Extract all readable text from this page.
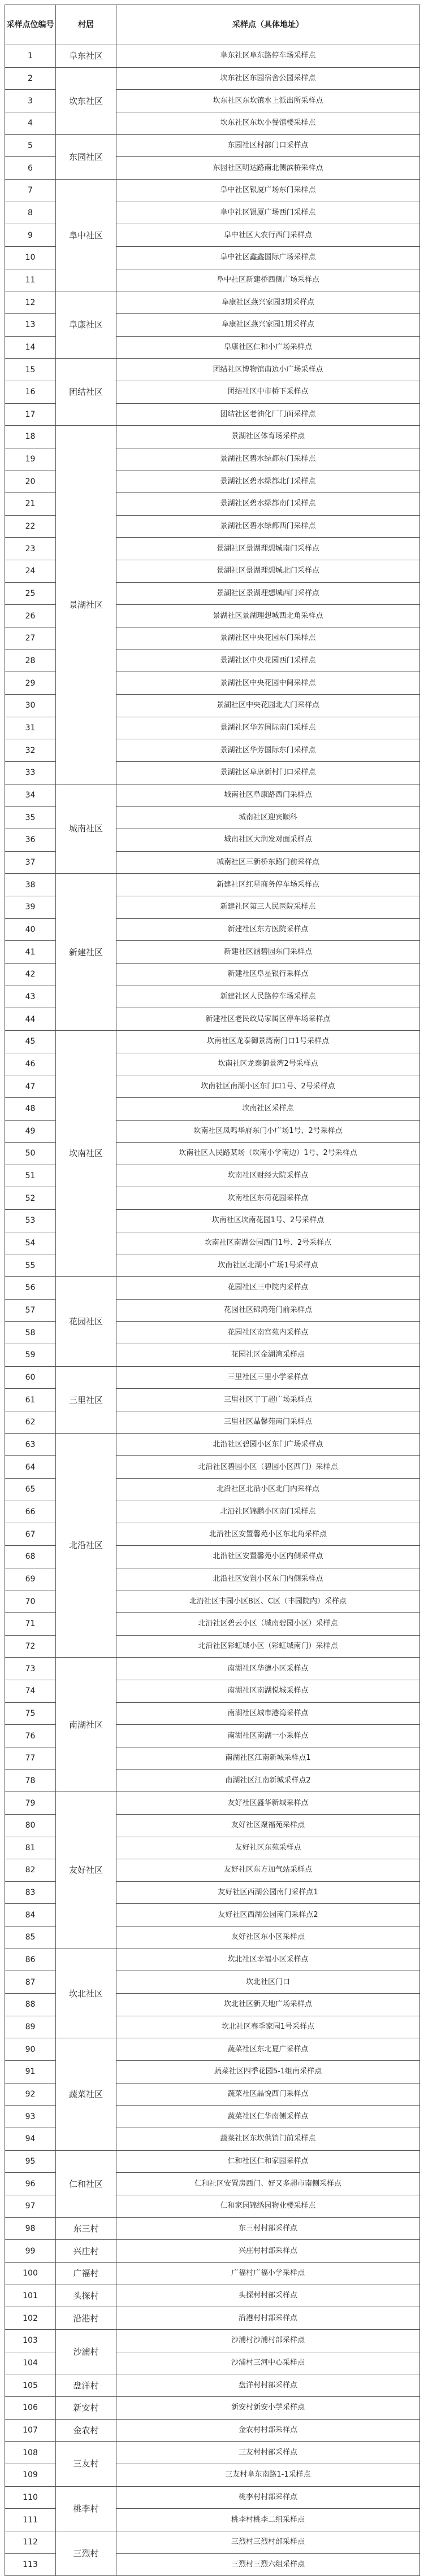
采样点位编号	村居	采样点（具体地址）
1	阜东社区	阜东社区阜东路停车场采样点
2	坎东社区	坎东社区东园宿舍公园采样点
3		坎东社区东坎镇水上派出所采样点
4		坎东社区东坎小餐馆楼采样点
5	东园社区	东园社区村部门口采样点
6		东园社区明达路南北侧滨桥采样点
7	阜中社区	阜中社区银厦广场东门采样点
8		阜中社区银厦广场西门采样点
9		阜中社区大农行西门采样点
10		阜中社区鑫鑫国际广场采样点
11		阜中社区新建桥西侧广场采样点
12	阜康社区	阜康社区燕兴家园3期采样点
13		阜康社区燕兴家园1期采样点
14		阜康社区仁和小广场采样点
15	团结社区	团结社区博物馆南边小广场采样点
16		团结社区中市桥下采样点
17		团结社区老油化厂门面采样点
18	景湖社区	景湖社区体育场采样点
19		景湖社区碧水绿都东门采样点
20		景湖社区碧水绿都北门采样点
21		景湖社区碧水绿都南门采样点
22		景湖社区碧水绿都西门采样点
23		景湖社区景湖理想城南门采样点
24		景湖社区景湖理想城北门采样点
25		景湖社区景湖理想城西门采样点
26		景湖社区景湖理想城西北角采样点
27		景湖社区中央花园东门采样点
28		景湖社区中央花园西门采样点
29		景湖社区中央花园中间采样点
30		景湖社区中央花园北大门采样点
31		景湖社区华芳国际南门采样点
32		景湖社区华芳国际东门采样点
33		景湖社区阜康新村门口采样点
34	城南社区	城南社区阜康路西门采样点
35		城南社区迎宾顺科
36		城南社区大润发对面采样点
37		城南社区三新桥东路门前采样点
38	新建社区	新建社区红星商务停车场采样点
39		新建社区第三人民医院采样点
40		新建社区东方医院采样点
41		新建社区涵碧园东门采样点
42		新建社区阜星银行采样点
43		新建社区人民路停车场采样点
44		新建社区老民政局家属区停车场采样点
45	坎南社区	坎南社区龙泰御景湾南门口1号采样点
46		坎南社区龙泰御景湾2号采样点
47		坎南社区南湖小区东门口1号、2号采样点
48		坎南社区采样点
49		坎南社区凤鸣华府东门小广场1号、2号采样点
50		坎南社区人民路某场（坎南小学南边）1号、2号采样点
51		坎南社区财经大院采样点
52		坎南社区东荷花园采样点
53		坎南社区坎南花园1号、2号采样点
54		坎南社区南湖公园西门1号、2号采样点
55		坎南社区北湖小广场1号采样点
56	花园社区	花园社区三中院内采样点
57		花园社区锦鸿苑门前采样点
58		花园社区南宫苑内采样点
59		花园社区金湖湾采样点
60	三里社区	三里社区三里小学采样点
61		三里社区丁丁超广场采样点
62		三里社区晶馨苑南门采样点
63	北沿社区	北沿社区碧园小区东门广场采样点
64		北沿社区碧园小区（碧园小区西门）采样点
65		北沿社区北沿小区北门内采样点
66		北沿社区锦鹏小区南门采样点
67		北沿社区安置馨苑小区东北角采样点
68		北沿社区安置馨苑小区内侧采样点
69		北沿社区安置小区东门内侧采样点
70		北沿社区丰园小区B区、C区（丰园院内）采样点
71		北沿社区碧云小区（城南碧园小区）采样点
72		北沿社区彩虹城小区（彩虹城南门）采样点
73	南湖社区	南湖社区华德小区采样点
74		南湖社区南湖悦城采样点
75		南湖社区城市港湾采样点
76		南湖社区南湖一小采样点
77		南湖社区江南新城采样点1
78		南湖社区江南新城采样点2
79	友好社区	友好社区盛华新城采样点
80		友好社区聚福苑采样点
81		友好社区东苑采样点
82		友好社区东方加气站采样点
83		友好社区西湖公园南门采样点1
84		友好社区西湖公园南门采样点2
85		友好社区东小区采样点
86	坎北社区	坎北社区幸福小区采样点
87		坎北社区门口
88		坎北社区新天地广场采样点
89		坎北社区春季家园1号采样点
90	蔬菜社区	蔬菜社区东北夏广采样点
91		蔬菜社区四季花园5-1组南采样点
92		蔬菜社区晶悦西门采样点
93		蔬菜社区仁华南侧采样点
94		蔬菜社区东坎供销门前采样点
95	仁和社区	仁和社区仁和家园采样点
96		仁和社区安置房西门、好又多超市南侧采样点
97		仁和家园锦绣园物业楼采样点
98	东三村	东三村村部采样点
99	兴庄村	兴庄村村部采样点
100	广福村	广福村广福小学采样点
101	头探村	头探村村部采样点
102	沿港村	沿港村村部采样点
103	沙浦村	沙浦村沙浦村部采样点
104		沙浦村三河中心采样点
105	盘洋村	盘洋村村部采样点
106	新安村	新安村新安小学采样点
107	金农村	金农村村部采样点
108	三友村	三友村村部采样点
109		三友村阜东南路1-1采样点
110	桃李村	桃李村村部采样点
111		桃李村桃李二组采样点
112	三烈村	三烈村三烈村部采样点
113		三烈村三烈六组采样点
